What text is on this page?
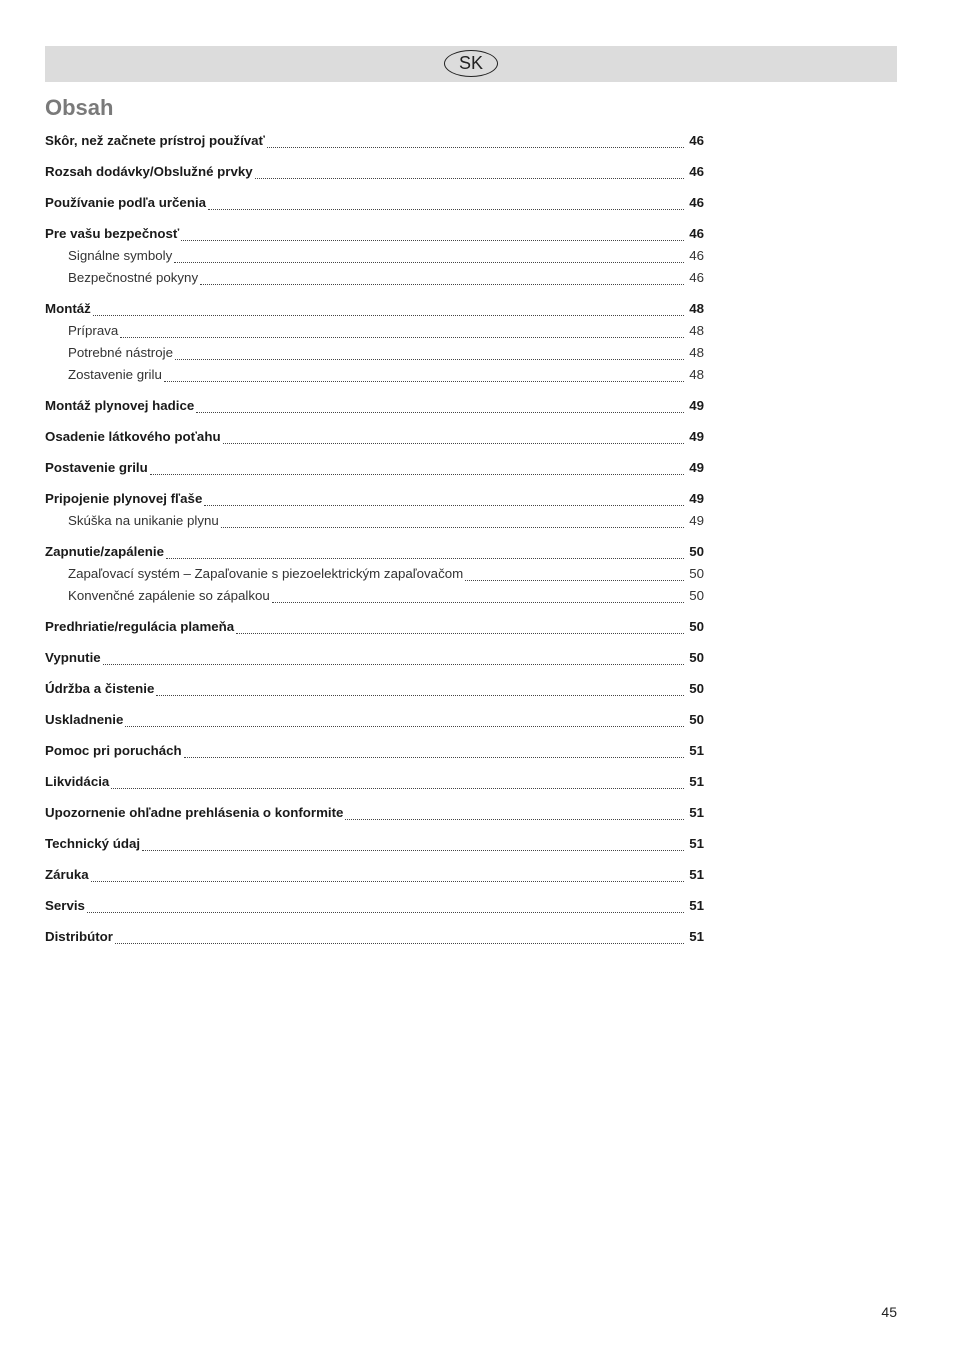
SK
Obsah
Skôr, než začnete prístroj používať	46
Rozsah dodávky/Obslužné prvky	46
Používanie podľa určenia	46
Pre vašu bezpečnosť	46
Signálne symboly	46
Bezpečnostné pokyny	46
Montáž	48
Príprava	48
Potrebné nástroje	48
Zostavenie grilu	48
Montáž plynovej hadice	49
Osadenie látkového poťahu	49
Postavenie grilu	49
Pripojenie plynovej fľaše	49
Skúška na unikanie plynu	49
Zapnutie/zapálenie	50
Zapaľovací systém – Zapaľovanie s piezoelektrickým zapaľovačom	50
Konvenčné zapálenie so zápalkou	50
Predhriatie/regulácia plameňa	50
Vypnutie	50
Údržba a čistenie	50
Uskladnenie	50
Pomoc pri poruchách	51
Likvidácia	51
Upozornenie ohľadne prehlásenia o konformite	51
Technický údaj	51
Záruka	51
Servis	51
Distribútor	51
45
